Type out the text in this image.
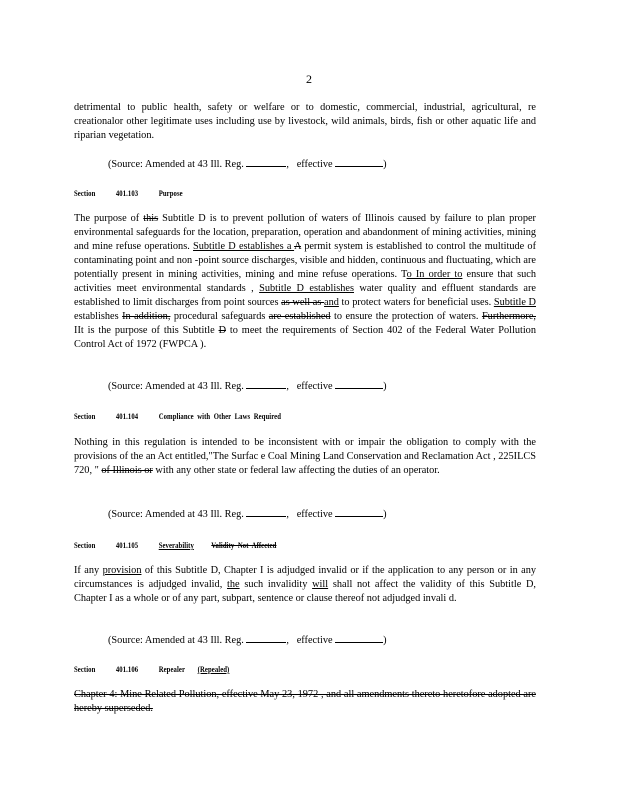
2
detrimental to public health, safety or welfare or to domestic, commercial, industrial, agricultural, re creationalor other legitimate uses including use by livestock, wild animals, birds, fish or other aquatic life and riparian vegetation.
(Source: Amended at 43 Ill. Reg.	, effective	)
Section 401.103 Purpose
The purpose of this Subtitle D is to prevent pollution of waters of Illinois caused by failure to plan proper environmental safeguards for the location, preparation, operation and abandonment of mining activities, mining and mine refuse operations. Subtitle D establishes a A permit system is established to control the multitude of contaminating point and non -point source discharges, visible and hidden, continuous and fluctuating, which are potentially present in mining activities, mining and mine refuse operations. To In order to ensure that such activities meet environmental standards , Subtitle D establishes water quality and effluent standards are established to limit discharges from point sources as well as and to protect waters for beneficial uses. Subtitle D establishes In addition, procedural safeguards are established to ensure the protection of waters. Furthermore, IIt is the purpose of this Subtitle D to meet the requirements of Section 402 of the Federal Water Pollution Control Act of 1972 (FWPCA ).
(Source: Amended at 43 Ill. Reg.	, effective	)
Section 401.104 Compliance  with  Other  Laws  Required
Nothing in this regulation is intended to be inconsistent with or impair the obligation to comply with the provisions of the an Act entitled,"The Surfac e Coal Mining Land Conservation and Reclamation Act , 225ILCS 720, " of Illinois or with any other state or federal law affecting the duties of an operator.
(Source: Amended at 43 Ill. Reg.	, effective	)
Section 401.105 Severability Validity  Not  Affected
If any provision of this Subtitle D, Chapter I is adjudged invalid or if the application to any person or in any circumstances is adjudged invalid, the such invalidity will shall not affect the validity of this Subtitle D, Chapter I as a whole or of any part, subpart, sentence or clause thereof not adjudged invali d.
(Source: Amended at 43 Ill. Reg.	, effective	)
Section 401.106 Repealer (Repealed)
Chapter 4: Mine Related Pollution, effective May 23, 1972 , and all amendments thereto heretofore adopted are hereby superseded.
